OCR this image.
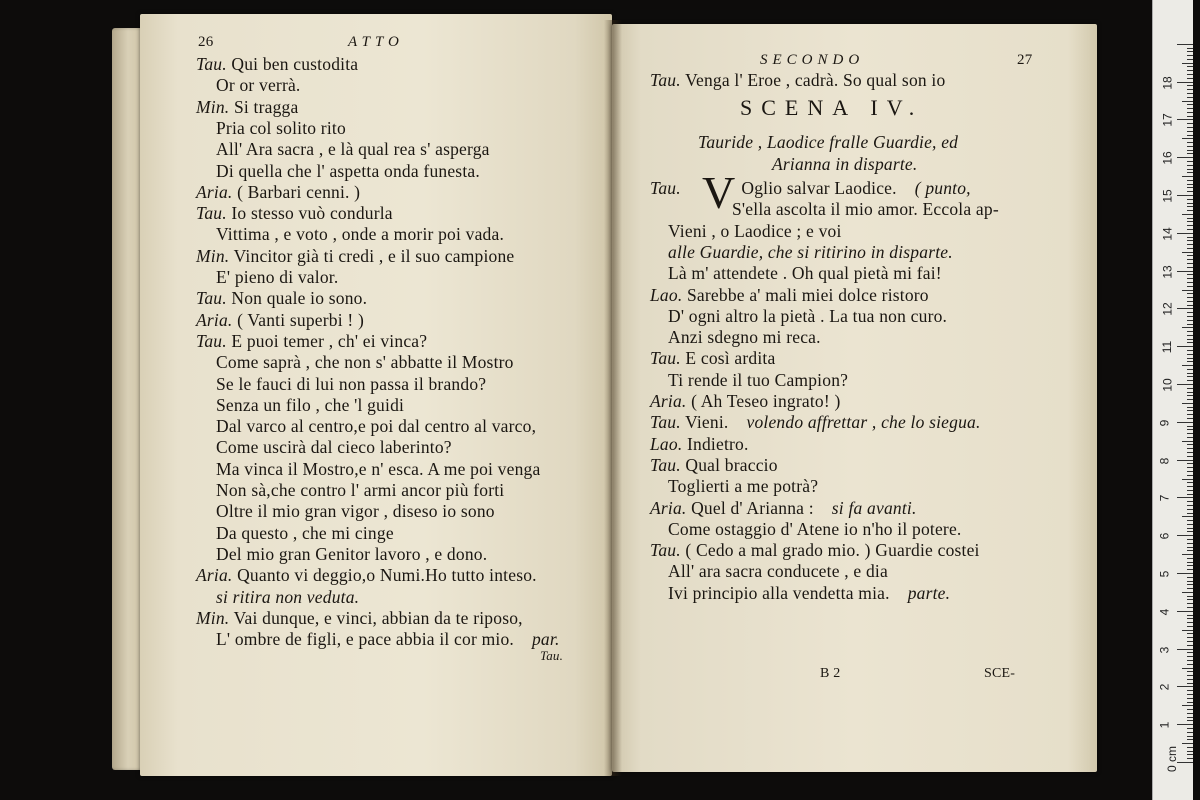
26	ATTO
Tau. Qui ben custodita
Or or verrà.
Min. Si tragga
Pria col solito rito
All' Ara sacra , e là qual rea s' asperga
Di quella che l' aspetta onda funesta.
Aria. ( Barbari cenni. )
Tau. Io stesso vuò condurla
Vittima , e voto , onde a morir poi vada.
Min. Vincitor già ti credi , e il suo campione
E' pieno di valor.
Tau. Non quale io sono.
Aria. ( Vanti superbi ! )
Tau. E puoi temer , ch' ei vinca?
Come saprà , che non s' abbatte il Mostro
Se le fauci di lui non passa il brando?
Senza un filo , che 'l guidi
Dal varco al centro,e poi dal centro al varco,
Come uscirà dal cieco laberinto?
Ma vinca il Mostro,e n' esca. A me poi venga
Non sà,che contro l' armi ancor più forti
Oltre il mio gran vigor , diseso io sono
Da questo , che mi cinge
Del mio gran Genitor lavoro , e dono.
Aria. Quanto vi deggio,o Numi.Ho tutto inteso.
si ritira non veduta.
Min. Vai dunque, e vinci, abbian da te riposo,
L' ombre de figli, e pace abbia il cor mio. par.
Tau.
SECONDO	27
Tau. Venga l' Eroe , cadrà. So qual son io
SCENA IV.
Tauride , Laodice fralle Guardie, ed
Arianna in disparte.
V
Tau.	Oglio salvar Laodice. ( punto,
S'ella ascolta il mio amor. Eccola ap-
Vieni , o Laodice ; e voi
alle Guardie, che si ritirino in disparte.
Là m' attendete . Oh qual pietà mi fai!
Lao. Sarebbe a' mali miei dolce ristoro
D' ogni altro la pietà . La tua non curo.
Anzi sdegno mi reca.
Tau. E così ardita
Ti rende il tuo Campion?
Aria. ( Ah Teseo ingrato! )
Tau. Vieni. volendo affrettar , che lo siegua.
Lao. Indietro.
Tau. Qual braccio
Toglierti a me potrà?
Aria. Quel d' Arianna : si fa avanti.
Come ostaggio d' Atene io n'ho il potere.
Tau. ( Cedo a mal grado mio. ) Guardie costei
All' ara sacra conducete , e dia
Ivi principio alla vendetta mia. parte.
B 2	SCE-
1
2
3
4
5
6
7
8
9
10
11
12
13
14
15
16
17
18
0 cm
